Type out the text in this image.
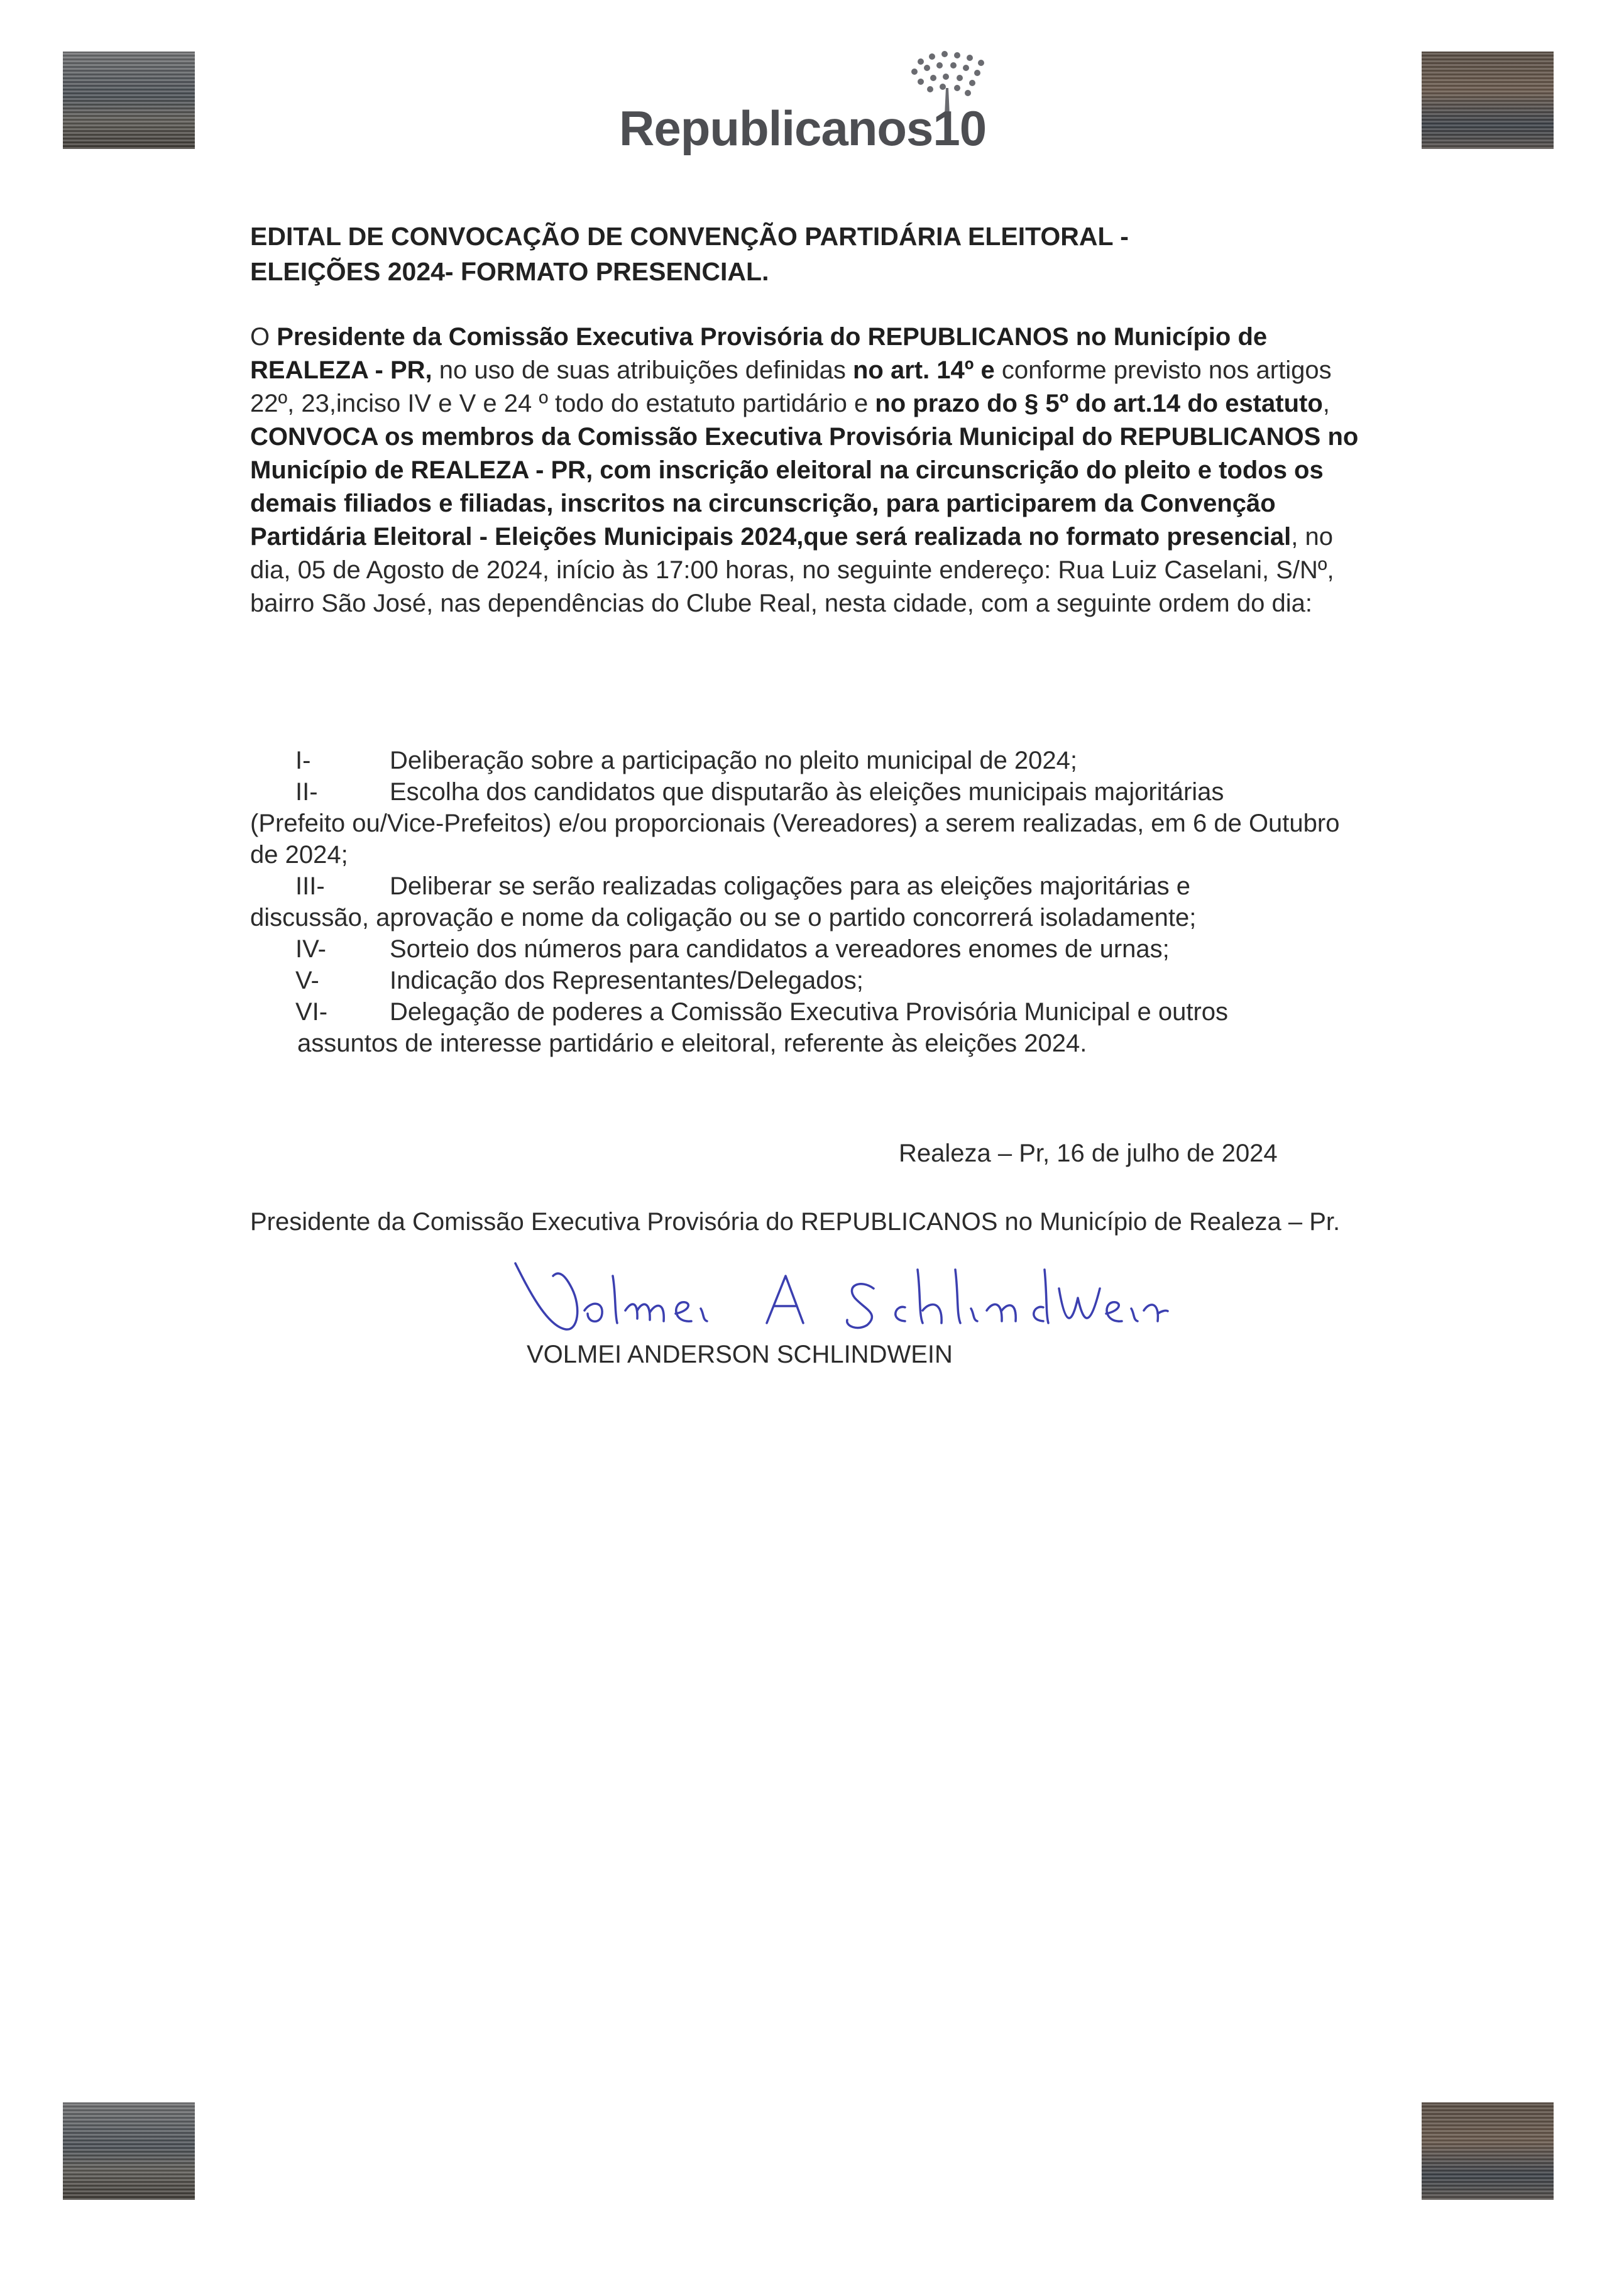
Republicanos10
EDITAL DE CONVOCAÇÃO DE CONVENÇÃO PARTIDÁRIA ELEITORAL -
ELEIÇÕES 2024- FORMATO PRESENCIAL.
O Presidente da Comissão Executiva Provisória do REPUBLICANOS no Município de REALEZA - PR, no uso de suas atribuições definidas no art. 14º e conforme previsto nos artigos 22º, 23,inciso IV e V e 24 º todo do estatuto partidário e no prazo do § 5º do art.14 do estatuto, CONVOCA os membros da Comissão Executiva Provisória Municipal do REPUBLICANOS no Município de REALEZA - PR, com inscrição eleitoral na circunscrição do pleito e todos os demais filiados e filiadas, inscritos na circunscrição, para participarem da Convenção Partidária Eleitoral - Eleições Municipais 2024,que será realizada no formato presencial, no dia, 05 de Agosto de 2024, início às 17:00 horas, no seguinte endereço: Rua Luiz Caselani, S/Nº, bairro São José, nas dependências do Clube Real, nesta cidade, com a seguinte ordem do dia:
I-	Deliberação sobre a participação no pleito municipal de 2024;
II-	Escolha dos candidatos que disputarão às eleições municipais majoritárias
(Prefeito ou/Vice-Prefeitos) e/ou proporcionais (Vereadores) a serem realizadas, em 6 de Outubro de 2024;
III-	Deliberar se serão realizadas coligações para as eleições majoritárias e
discussão, aprovação e nome da coligação ou se o partido concorrerá isoladamente;
IV-	Sorteio dos números para candidatos a vereadores enomes de urnas;
V-	Indicação dos Representantes/Delegados;
VI- Delegação de poderes a Comissão Executiva Provisória Municipal e outros
assuntos de interesse partidário e eleitoral, referente às eleições 2024.
Realeza – Pr, 16 de julho de 2024
Presidente da Comissão Executiva Provisória do REPUBLICANOS no Município de Realeza – Pr.
VOLMEI ANDERSON SCHLINDWEIN
